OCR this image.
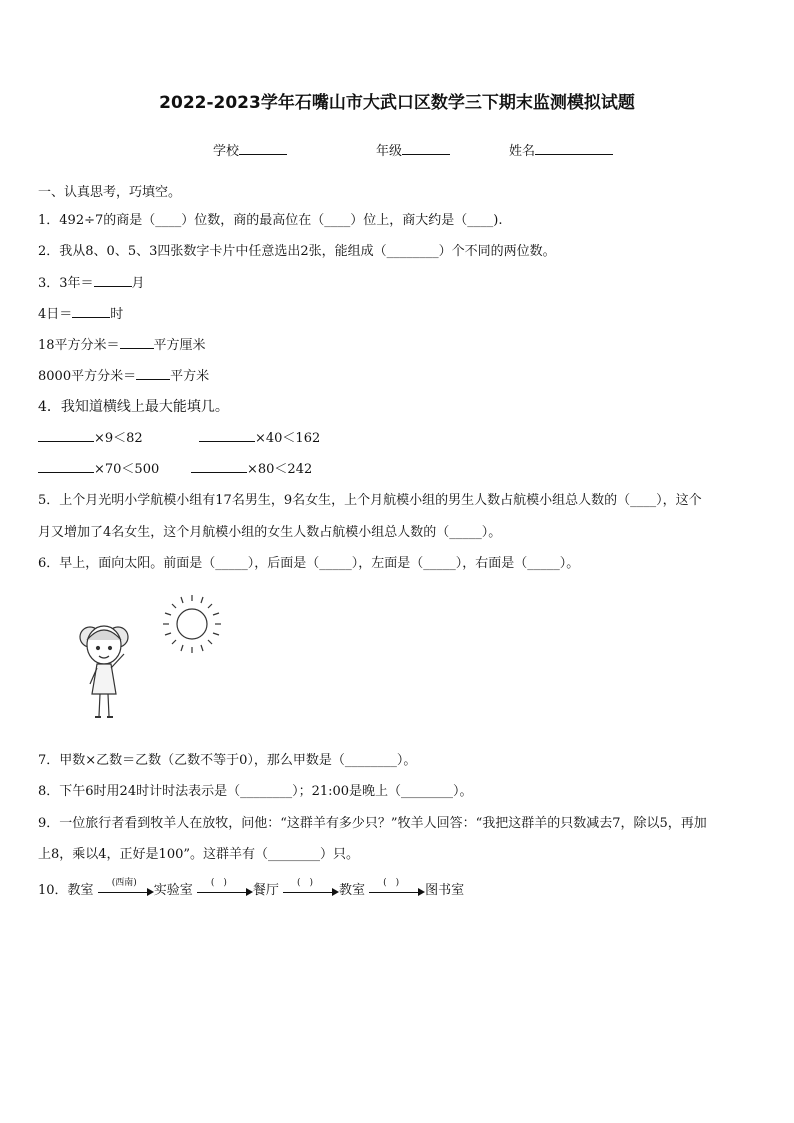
2022-2023学年石嘴山市大武口区数学三下期末监测模拟试题
学校	年级	姓名
一、认真思考，巧填空。
1．492÷7的商是（____）位数，商的最高位在（____）位上，商大约是（____).
2．我从8、0、5、3四张数字卡片中任意选出2张，能组成（________）个不同的两位数。
3．3年＝	月
4日＝	时
18平方分米＝	平方厘米
8000平方分米＝	平方米
4．我知道横线上最大能填几。
×9＜82	×40＜162
×70＜500	×80＜242
5．上个月光明小学航模小组有17名男生，9名女生，上个月航模小组的男生人数占航模小组总人数的（____），这个
月又增加了4名女生，这个月航模小组的女生人数占航模小组总人数的（_____）。
6．早上，面向太阳。前面是（_____），后面是（_____），左面是（_____），右面是（_____）。
7．甲数×乙数＝乙数（乙数不等于0），那么甲数是（________）。
8．下午6时用24时计时法表示是（________）；21:00是晚上（________）。
9．一位旅行者看到牧羊人在放牧，问他：“这群羊有多少只？”牧羊人回答：“我把这群羊的只数减去7，除以5，再加
上8，乘以4，正好是100”。这群羊有（________）只。
10．教室
(西南)
实验室
(　)
餐厅
(　)
教室
(　)
图书室
